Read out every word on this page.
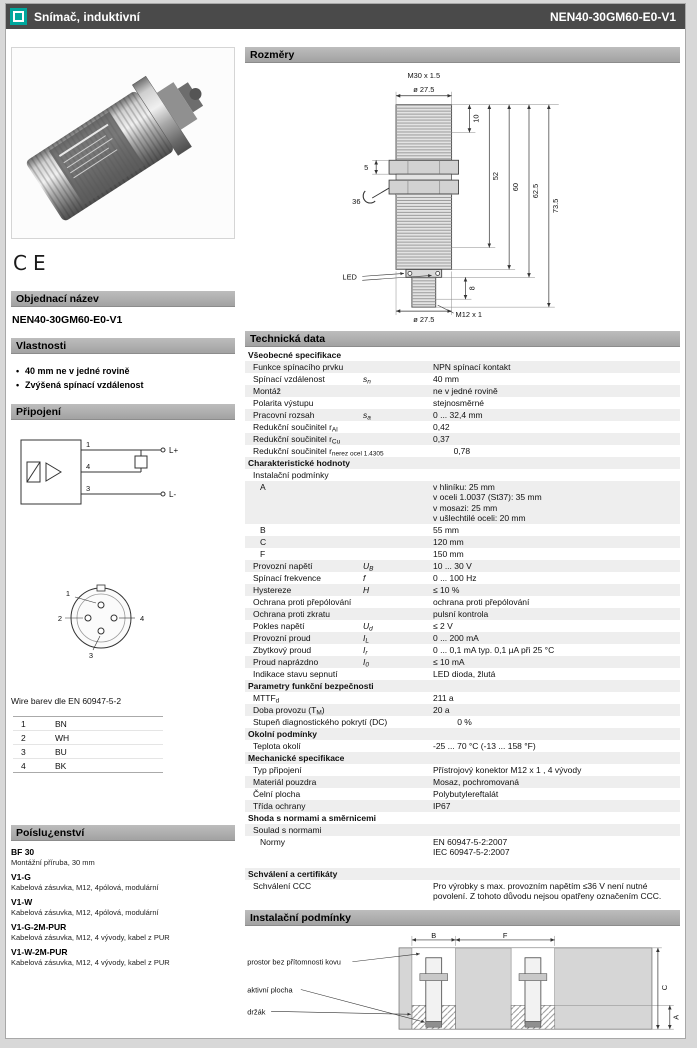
Snímač, induktivní	NEN40-30GM60-E0-V1
CE
Objednací název
NEN40-30GM60-E0-V1
Vlastnosti
• 40 mm ne v jedné rovině
• Zvýšená spínací vzdálenost
Připojení
1
4
3
L+
L-
1
2
3
4
Wire barev dle EN 60947-5-2
1	BN
2	WH
3	BU
4	BK
Poíslu¿enství
BF 30
Montážní příruba, 30 mm
V1-G
Kabelová zásuvka, M12, 4pólová, modulární
V1-W
Kabelová zásuvka, M12, 4pólová, modulární
V1-G-2M-PUR
Kabelová zásuvka, M12, 4 vývody, kabel z PUR
V1-W-2M-PUR
Kabelová zásuvka, M12, 4 vývody, kabel z PUR
Rozměry
M30 x 1.5
ø 27.5
10
52
60 62.5
73.5
8
5
36
LED
M12 x 1
ø 27.5
Technická data
Všeobecné specifikace
Funkce spínacího prvku	NPN spínací kontakt
Spínací vzdálenost	$s_n$	40 mm
Montáž	ne v jedné rovině
Polarita výstupu	stejnosměrné
Pracovní rozsah	$s_a$	0 ... 32,4 mm
Redukční součinitel $r_{Al}$	0,42
Redukční součinitel $r_{Cu}$	0,37
Redukční součinitel $r_{nerez ocel 1.4305}$	0,78
Charakteristické hodnoty
Instalační podmínky
A	v hliníku: 25 mm
v oceli 1.0037 (St37): 35 mm
v mosazi: 25 mm
v ušlechtilé oceli: 20 mm
B	55 mm
C	120 mm
F	150 mm
Provozní napětí	$U_B$	10 ... 30 V
Spínací frekvence	f	0 ... 100 Hz
Hystereze	H	≤ 10 %
Ochrana proti přepólování	ochrana proti přepólování
Ochrana proti zkratu	pulsní kontrola
Pokles napětí	$U_d$	≤ 2 V
Provozní proud	$I_L$	0 ... 200 mA
Zbytkový proud	$I_r$	0 ... 0,1 mA typ. 0,1 µA při 25 °C
Proud naprázdno	$I_0$	≤ 10 mA
Indikace stavu sepnutí	LED dioda, žlutá
Parametry funkční bezpečnosti
$MTTF_d$	211 a
Doba provozu $(T_M)$	20 a
Stupeň diagnostického pokrytí (DC)	0 %
Okolní podmínky
Teplota okolí	-25 ... 70 °C (-13 ... 158 °F)
Mechanické specifikace
Typ připojení	Přístrojový konektor M12 x 1 , 4 vývody
Materiál pouzdra	Mosaz, pochromovaná
Čelní plocha	Polybutylereftalát
Třída ochrany	IP67
Shoda s normami a směrnicemi
Soulad s normami
Normy	EN 60947-5-2:2007
IEC 60947-5-2:2007
Schválení a certifikáty
Schválení CCC	Pro výrobky s max. provozním napětím ≤36 V není nutné povolení. Z tohoto důvodu nejsou opatřeny označením CCC.
Instalační podmínky
B	F
C
A
prostor bez přítomnosti kovu
aktivní plocha
držák
